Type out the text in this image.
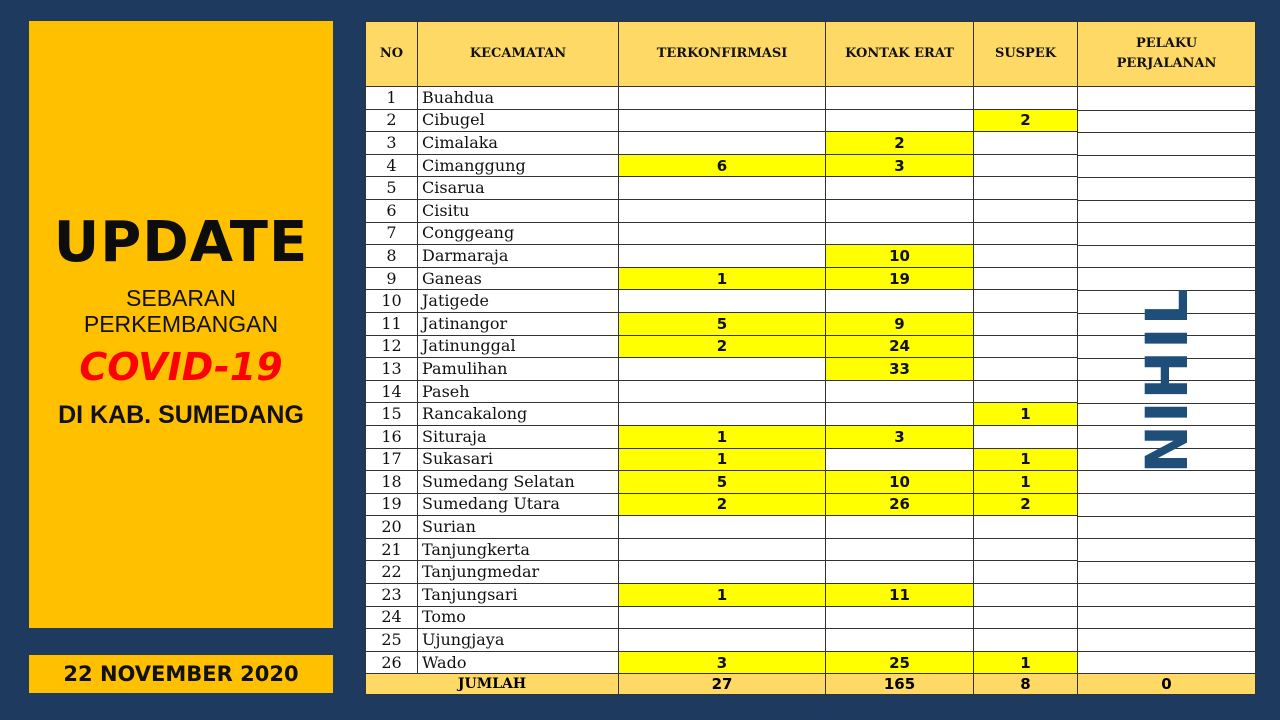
UPDATE
SEBARAN
PERKEMBANGAN
COVID-19
DI KAB. SUMEDANG
22 NOVEMBER 2020
NO	KECAMATAN	TERKONFIRMASI	KONTAK ERAT	SUSPEK	PELAKU
PERJALANAN

1	Buahdua				NIHIL

2	Cibugel			2	
3	Cimalaka		2		
4	Cimanggung	6	3		
5	Cisarua				
6	Cisitu				
7	Conggeang				
8	Darmaraja		10		
9	Ganeas	1	19		
10	Jatigede				
11	Jatinangor	5	9		
12	Jatinunggal	2	24		
13	Pamulihan		33		
14	Paseh				
15	Rancakalong			1	
16	Situraja	1	3		
17	Sukasari	1		1	
18	Sumedang Selatan	5	10	1	
19	Sumedang Utara	2	26	2	
20	Surian				
21	Tanjungkerta				
22	Tanjungmedar				
23	Tanjungsari	1	11		
24	Tomo				
25	Ujungjaya				
26	Wado	3	25	1	
JUMLAH		27	165	8	0
